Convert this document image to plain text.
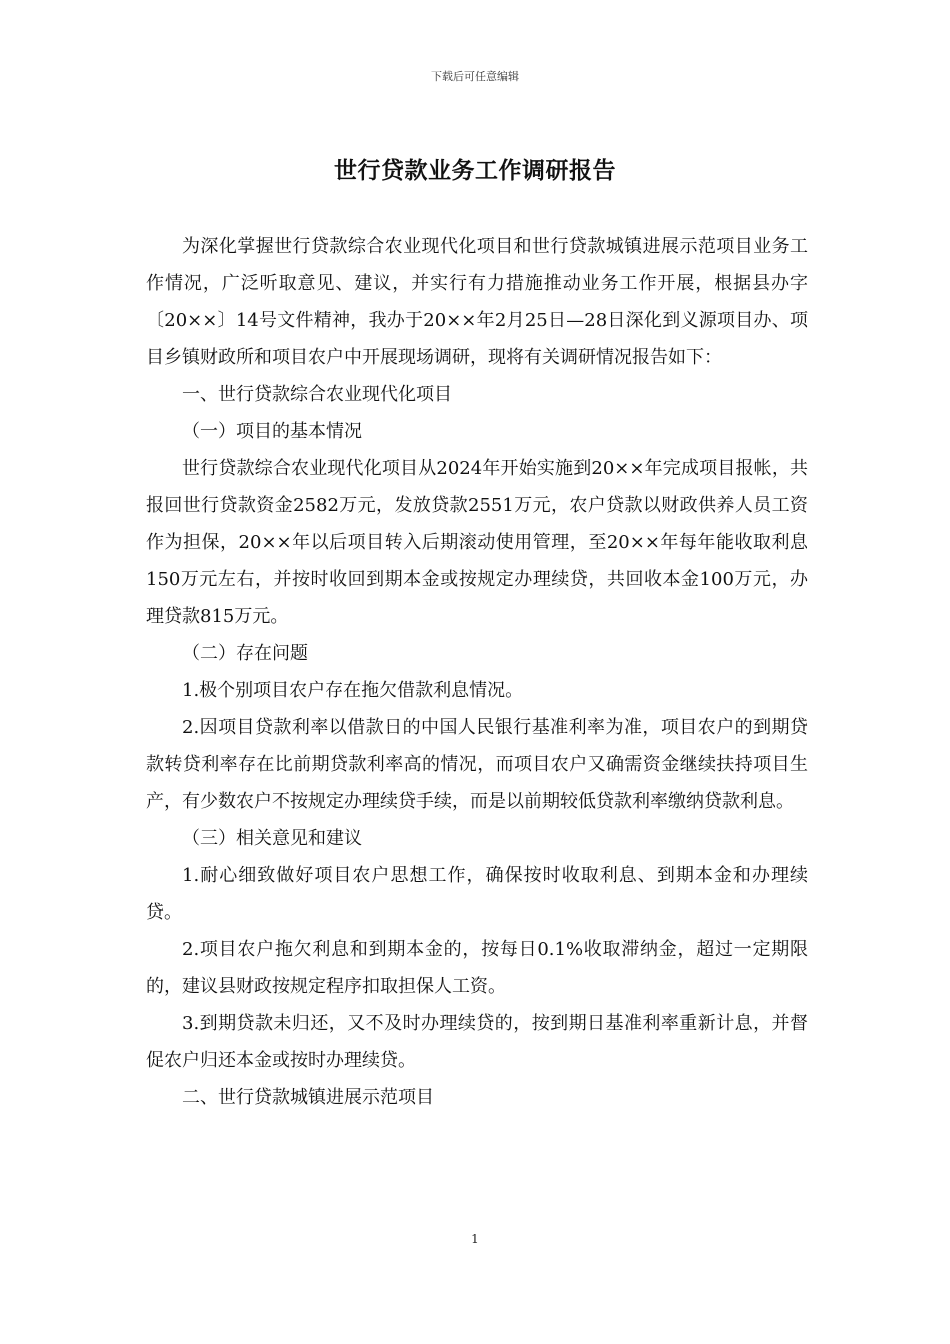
下载后可任意编辑
世行贷款业务工作调研报告

为深化掌握世行贷款综合农业现代化项目和世行贷款城镇进展示范项目业务工作情况，广泛听取意见、建议，并实行有力措施推动业务工作开展，根据县办字〔20××〕14号文件精神，我办于20××年2月25日—28日深化到义源项目办、项目乡镇财政所和项目农户中开展现场调研，现将有关调研情况报告如下：

一、世行贷款综合农业现代化项目

（一）项目的基本情况

世行贷款综合农业现代化项目从2024年开始实施到20××年完成项目报帐，共报回世行贷款资金2582万元，发放贷款2551万元，农户贷款以财政供养人员工资作为担保，20××年以后项目转入后期滚动使用管理，至20××年每年能收取利息150万元左右，并按时收回到期本金或按规定办理续贷，共回收本金100万元，办理贷款815万元。

（二）存在问题

1.极个别项目农户存在拖欠借款利息情况。

2.因项目贷款利率以借款日的中国人民银行基准利率为准，项目农户的到期贷款转贷利率存在比前期贷款利率高的情况，而项目农户又确需资金继续扶持项目生产，有少数农户不按规定办理续贷手续，而是以前期较低贷款利率缴纳贷款利息。

（三）相关意见和建议

1.耐心细致做好项目农户思想工作，确保按时收取利息、到期本金和办理续贷。

2.项目农户拖欠利息和到期本金的，按每日0.1%收取滞纳金，超过一定期限的，建议县财政按规定程序扣取担保人工资。

3.到期贷款未归还，又不及时办理续贷的，按到期日基准利率重新计息，并督促农户归还本金或按时办理续贷。

二、世行贷款城镇进展示范项目

1
